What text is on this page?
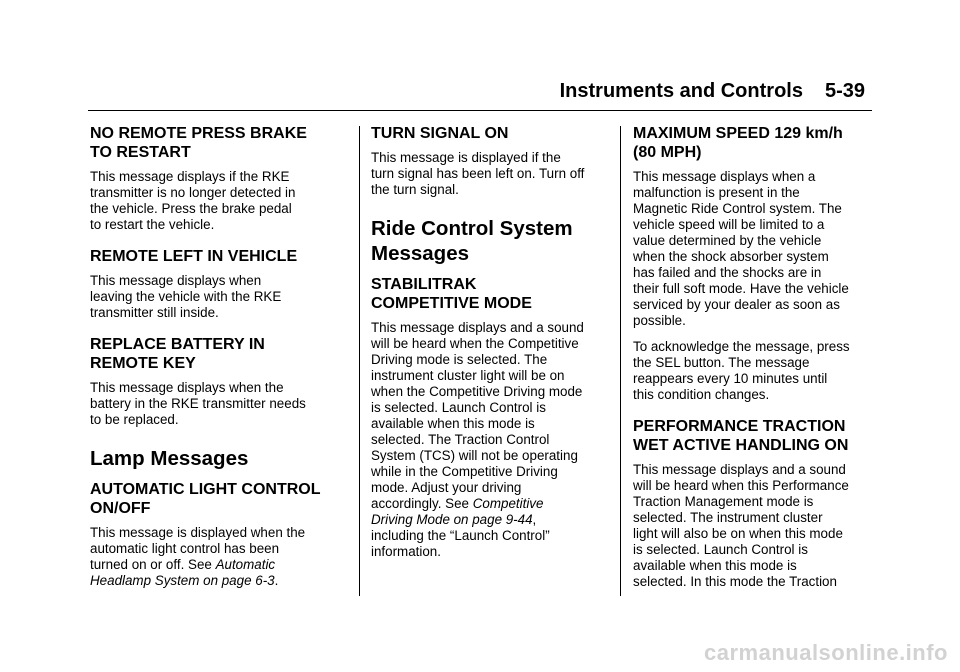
Instruments and Controls 5-39
NO REMOTE PRESS BRAKE
TO RESTART

This message displays if the RKE
transmitter is no longer detected in
the vehicle. Press the brake pedal
to restart the vehicle.

REMOTE LEFT IN VEHICLE

This message displays when
leaving the vehicle with the RKE
transmitter still inside.

REPLACE BATTERY IN
REMOTE KEY

This message displays when the
battery in the RKE transmitter needs
to be replaced.

Lamp Messages
AUTOMATIC LIGHT CONTROL
ON/OFF

This message is displayed when the
automatic light control has been
turned on or off. See Automatic
Headlamp System on page 6-3.

TURN SIGNAL ON

This message is displayed if the
turn signal has been left on. Turn off
the turn signal.

Ride Control System
Messages
STABILITRAK
COMPETITIVE MODE

This message displays and a sound
will be heard when the Competitive
Driving mode is selected. The
instrument cluster light will be on
when the Competitive Driving mode
is selected. Launch Control is
available when this mode is
selected. The Traction Control
System (TCS) will not be operating
while in the Competitive Driving
mode. Adjust your driving
accordingly. See Competitive
Driving Mode on page 9-44,
including the “Launch Control”
information.

MAXIMUM SPEED 129 km/h
(80 MPH)

This message displays when a
malfunction is present in the
Magnetic Ride Control system. The
vehicle speed will be limited to a
value determined by the vehicle
when the shock absorber system
has failed and the shocks are in
their full soft mode. Have the vehicle
serviced by your dealer as soon as
possible.

To acknowledge the message, press
the SEL button. The message
reappears every 10 minutes until
this condition changes.

PERFORMANCE TRACTION
WET ACTIVE HANDLING ON

This message displays and a sound
will be heard when this Performance
Traction Management mode is
selected. The instrument cluster
light will also be on when this mode
is selected. Launch Control is
available when this mode is
selected. In this mode the Traction

carmanualsonline.info
